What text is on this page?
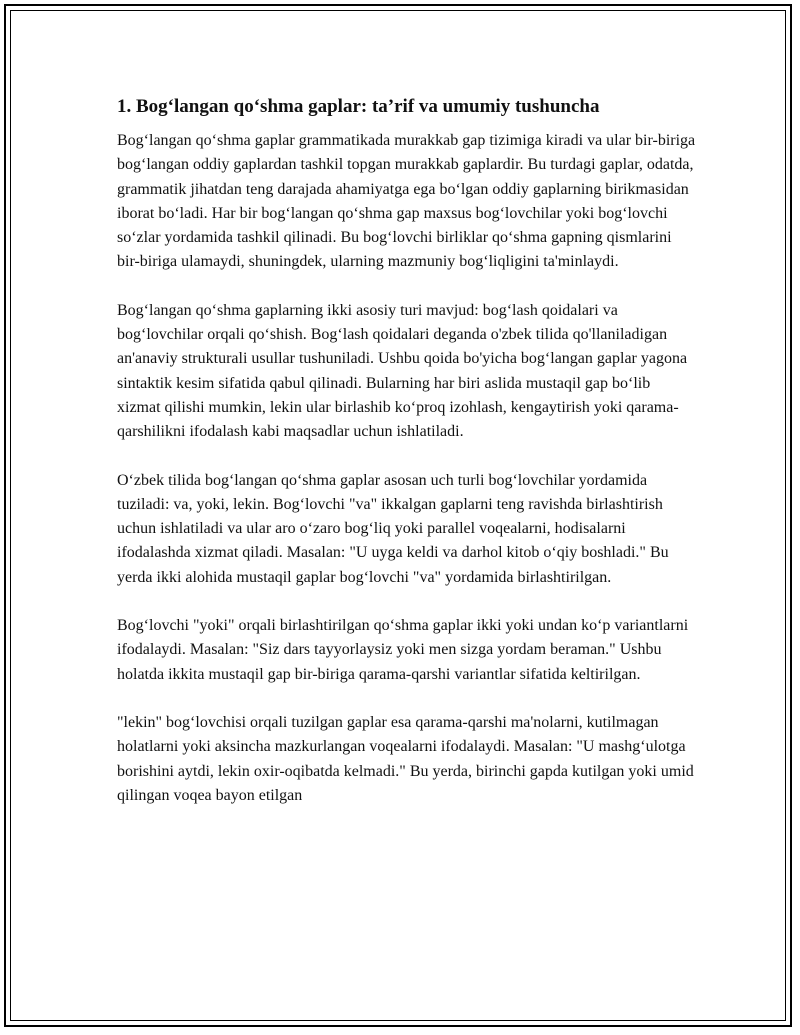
1. Bog‘langan qo‘shma gaplar: ta’rif va umumiy tushuncha

Bog‘langan qo‘shma gaplar grammatikada murakkab gap tizimiga kiradi va ular bir-biriga bog‘langan oddiy gaplardan tashkil topgan murakkab gaplardir. Bu turdagi gaplar, odatda, grammatik jihatdan teng darajada ahamiyatga ega bo‘lgan oddiy gaplarning birikmasidan iborat bo‘ladi. Har bir bog‘langan qo‘shma gap maxsus bog‘lovchilar yoki bog‘lovchi so‘zlar yordamida tashkil qilinadi. Bu bog‘lovchi birliklar qo‘shma gapning qismlarini bir-biriga ulamaydi, shuningdek, ularning mazmuniy bog‘liqligini ta'minlaydi.

Bog‘langan qo‘shma gaplarning ikki asosiy turi mavjud: bog‘lash qoidalari va bog‘lovchilar orqali qo‘shish. Bog‘lash qoidalari deganda o'zbek tilida qo'llaniladigan an'anaviy strukturali usullar tushuniladi. Ushbu qoida bo'yicha bog‘langan gaplar yagona sintaktik kesim sifatida qabul qilinadi. Bularning har biri aslida mustaqil gap bo‘lib xizmat qilishi mumkin, lekin ular birlashib ko‘proq izohlash, kengaytirish yoki qarama-qarshilikni ifodalash kabi maqsadlar uchun ishlatiladi.

O‘zbek tilida bog‘langan qo‘shma gaplar asosan uch turli bog‘lovchilar yordamida tuziladi: va, yoki, lekin. Bog‘lovchi "va" ikkalgan gaplarni teng ravishda birlashtirish uchun ishlatiladi va ular aro o‘zaro bog‘liq yoki parallel voqealarni, hodisalarni ifodalashda xizmat qiladi. Masalan: "U uyga keldi va darhol kitob o‘qiy boshladi." Bu yerda ikki alohida mustaqil gaplar bog‘lovchi "va" yordamida birlashtirilgan.

Bog‘lovchi "yoki" orqali birlashtirilgan qo‘shma gaplar ikki yoki undan ko‘p variantlarni ifodalaydi. Masalan: "Siz dars tayyorlaysiz yoki men sizga yordam beraman." Ushbu holatda ikkita mustaqil gap bir-biriga qarama-qarshi variantlar sifatida keltirilgan.

"lekin" bog‘lovchisi orqali tuzilgan gaplar esa qarama-qarshi ma'nolarni, kutilmagan holatlarni yoki aksincha mazkurlangan voqealarni ifodalaydi. Masalan: "U mashg‘ulotga borishini aytdi, lekin oxir-oqibatda kelmadi." Bu yerda, birinchi gapda kutilgan yoki umid qilingan voqea bayon etilgan
